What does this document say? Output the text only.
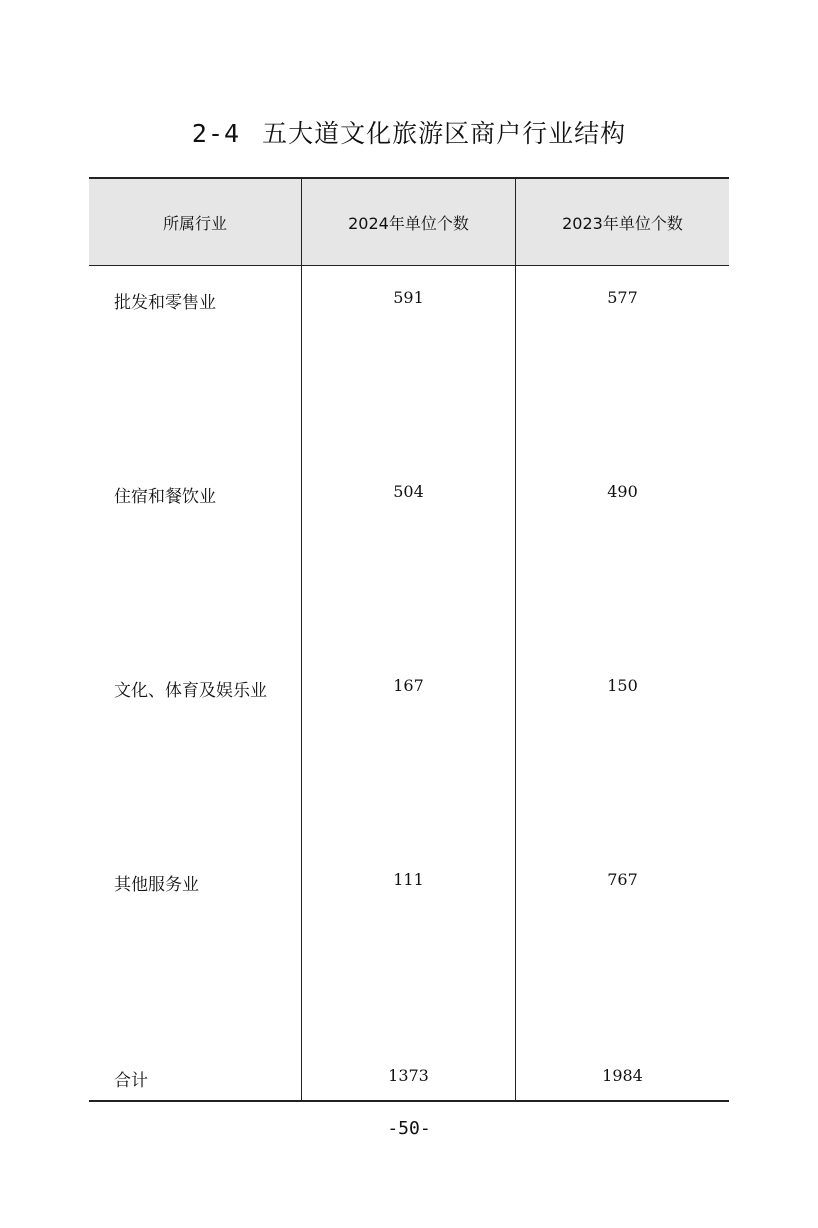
2-4 五大道文化旅游区商户行业结构
所属行业	2024年单位个数	2023年单位个数
批发和零售业	591	577
住宿和餐饮业	504	490
文化、体育及娱乐业	167	150
其他服务业	111	767
合计	1373	1984
-50-
